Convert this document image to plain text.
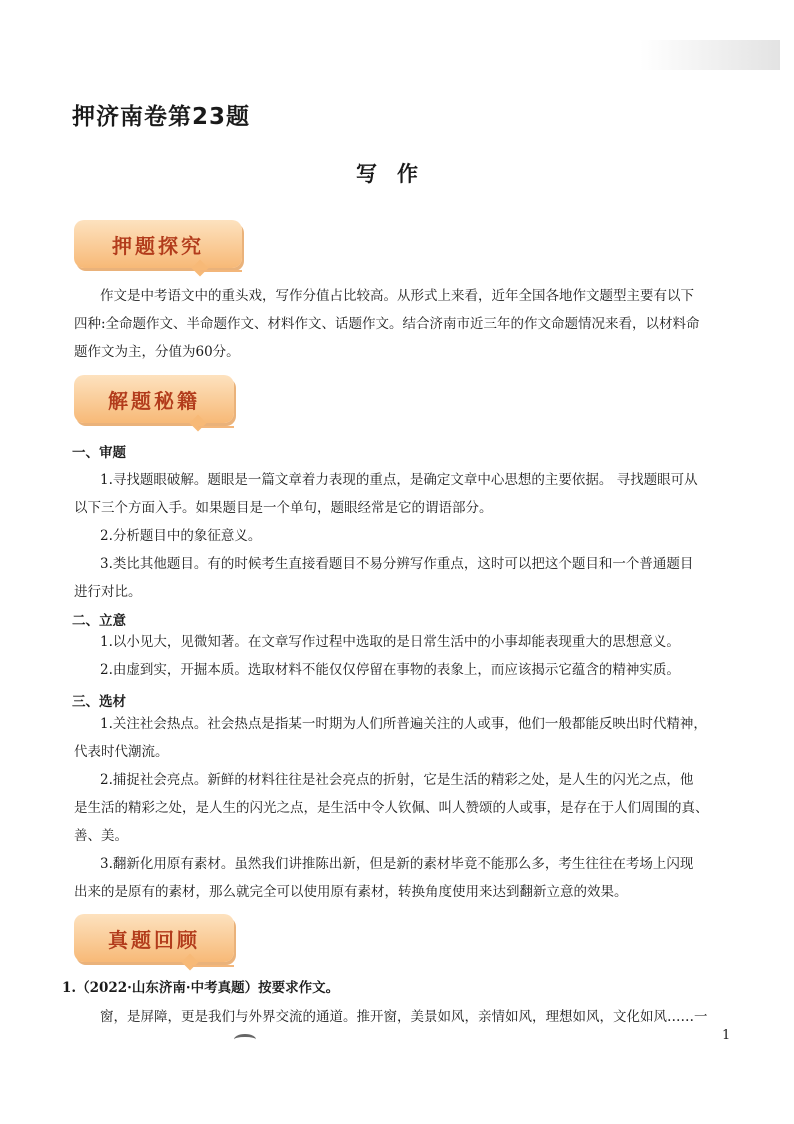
押济南卷第23题
写作
押题探究
作文是中考语文中的重头戏，写作分值占比较高。从形式上来看，近年全国各地作文题型主要有以下
四种:全命题作文、半命题作文、材料作文、话题作文。结合济南市近三年的作文命题情况来看，以材料命
题作文为主，分值为60分。
解题秘籍
一、审题
1.寻找题眼破解。题眼是一篇文章着力表现的重点，是确定文章中心思想的主要依据。 寻找题眼可从
以下三个方面入手。如果题目是一个单句，题眼经常是它的谓语部分。
2.分析题目中的象征意义。
3.类比其他题目。有的时候考生直接看题目不易分辨写作重点，这时可以把这个题目和一个普通题目
进行对比。
二、立意
1.以小见大，见微知著。在文章写作过程中选取的是日常生活中的小事却能表现重大的思想意义。
2.由虚到实，开掘本质。选取材料不能仅仅停留在事物的表象上，而应该揭示它蕴含的精神实质。
三、选材
1.关注社会热点。社会热点是指某一时期为人们所普遍关注的人或事，他们一般都能反映出时代精神，
代表时代潮流。
2.捕捉社会亮点。新鲜的材料往往是社会亮点的折射，它是生活的精彩之处，是人生的闪光之点，他
是生活的精彩之处，是人生的闪光之点，是生活中令人钦佩、叫人赞颂的人或事，是存在于人们周围的真、
善、美。
3.翻新化用原有素材。虽然我们讲推陈出新，但是新的素材毕竟不能那么多，考生往往在考场上闪现
出来的是原有的素材，那么就完全可以使用原有素材，转换角度使用来达到翻新立意的效果。
真题回顾
1.（2022·山东济南·中考真题）按要求作文。
窗，是屏障，更是我们与外界交流的通道。推开窗，美景如风，亲情如风，理想如风，文化如风……一
1
